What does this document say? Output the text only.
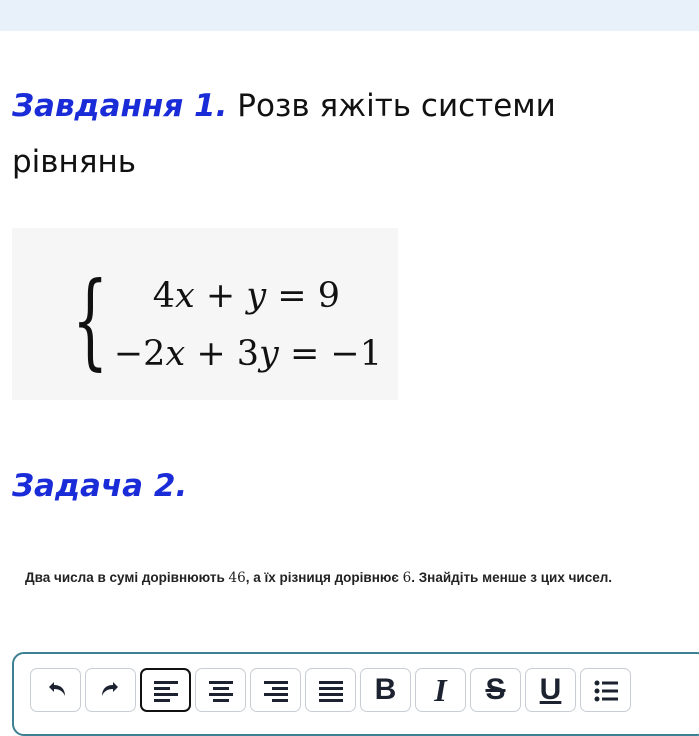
Завдання 1. Розв яжіть системи рівнянь
{ 4x + y = 9
−2x + 3y = −1
Задача 2.
Два числа в сумі дорівнюють 46, а їх різниця дорівнює 6. Знайдіть менше з цих чисел.
B I S U
